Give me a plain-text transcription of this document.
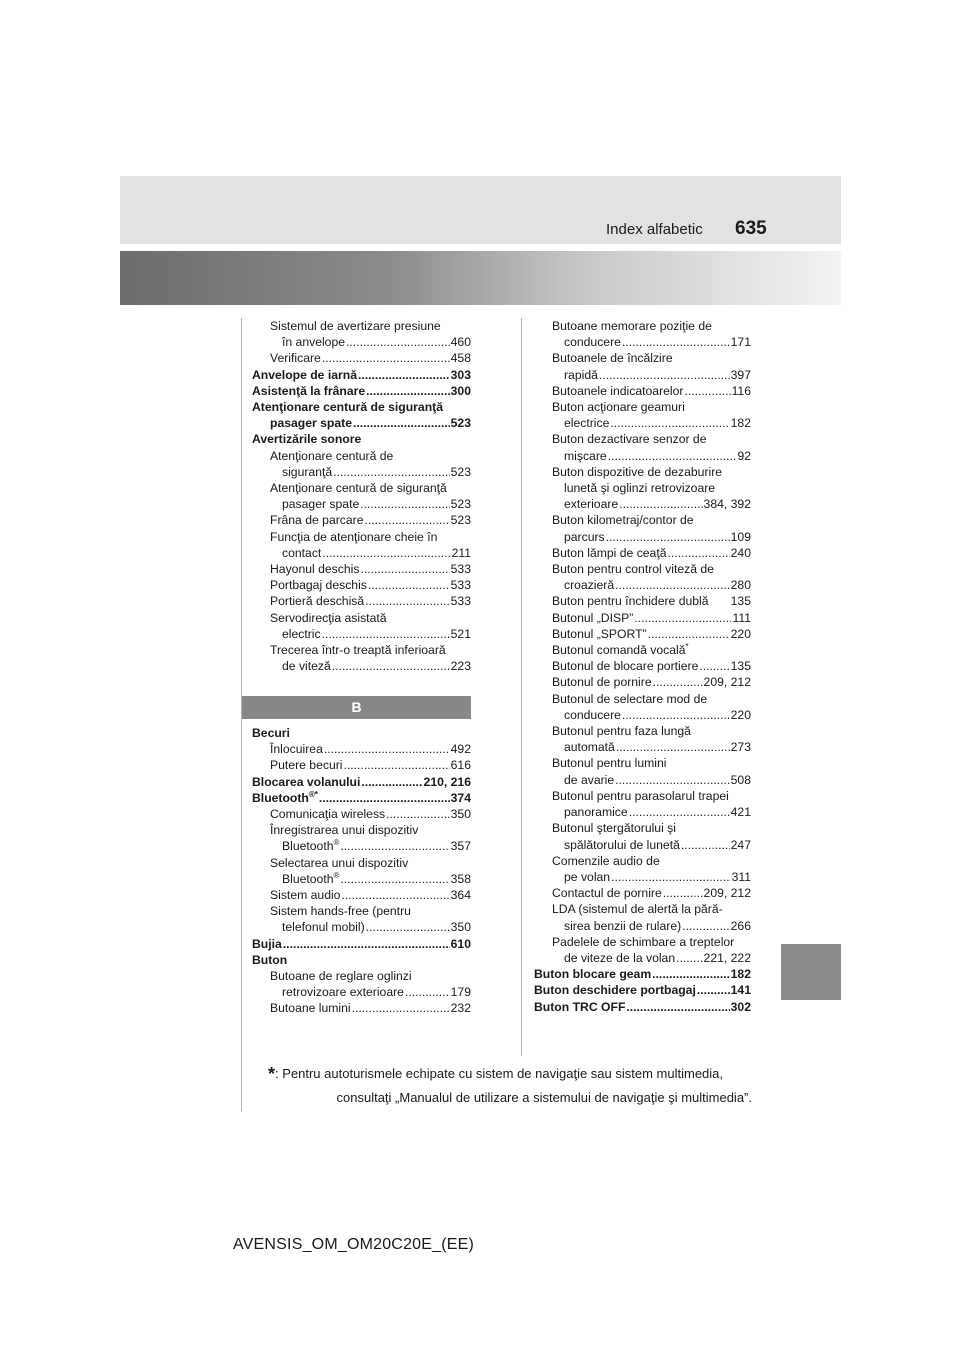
Index alfabetic 635
Sistemul de avertizare presiune
în anvelope .....	460
Verificare .....	458
Anvelope de iarnă .....	303
Asistenţă la frânare .....	300
Atenţionare centură de siguranţă
pasager spate .....	523
Avertizările sonore
Atenţionare centură de
siguranţă .....	523
Atenţionare centură de siguranţă
pasager spate .....	523
Frâna de parcare .....	523
Funcţia de atenţionare cheie în
contact .....	211
Hayonul deschis .....	533
Portbagaj deschis .....	533
Portieră deschisă .....	533
Servodirecţia asistată
electric .....	521
Trecerea într-o treaptă inferioară
de viteză .....	223
B
Becuri
Înlocuirea .....	492
Putere becuri .....	616
Blocarea volanului .....	210, 216
Bluetooth®* .....	374
Comunicaţia wireless .....	350
Înregistrarea unui dispozitiv
Bluetooth® .....	357
Selectarea unui dispozitiv
Bluetooth® .....	358
Sistem audio .....	364
Sistem hands-free (pentru
telefonul mobil) .....	350
Bujia .....	610
Buton
Butoane de reglare oglinzi
retrovizoare exterioare .....	179
Butoane lumini .....	232
Butoane memorare poziţie de
conducere .....	171
Butoanele de încălzire
rapidă .....	397
Butoanele indicatoarelor .....	116
Buton acţionare geamuri
electrice .....	182
Buton dezactivare senzor de
mişcare .....	92
Buton dispozitive de dezaburire
lunetă şi oglinzi retrovizoare
exterioare .....	384, 392
Buton kilometraj/contor de
parcurs .....	109
Buton lămpi de ceaţă .....	240
Buton pentru control viteză de
croazieră .....	280
Buton pentru închidere dublă 135
Butonul „DISP” .....	111
Butonul „SPORT” .....	220
Butonul comandă vocală*
Butonul de blocare portiere .....	135
Butonul de pornire .....	209, 212
Butonul de selectare mod de
conducere .....	220
Butonul pentru faza lungă
automată .....	273
Butonul pentru lumini
de avarie .....	508
Butonul pentru parasolarul trapei
panoramice .....	421
Butonul ştergătorului şi
spălătorului de lunetă .....	247
Comenzile audio de
pe volan .....	311
Contactul de pornire .....	209, 212
LDA (sistemul de alertă la pără-
sirea benzii de rulare) .....	266
Padelele de schimbare a treptelor
de viteze de la volan ..... 221, 222
Buton blocare geam .....	182
Buton deschidere portbagaj .....	141
Buton TRC OFF .....	302
*: Pentru autoturismele echipate cu sistem de navigaţie sau sistem multimedia,
consultaţi „Manualul de utilizare a sistemului de navigaţie şi multimedia”.
AVENSIS_OM_OM20C20E_(EE)
